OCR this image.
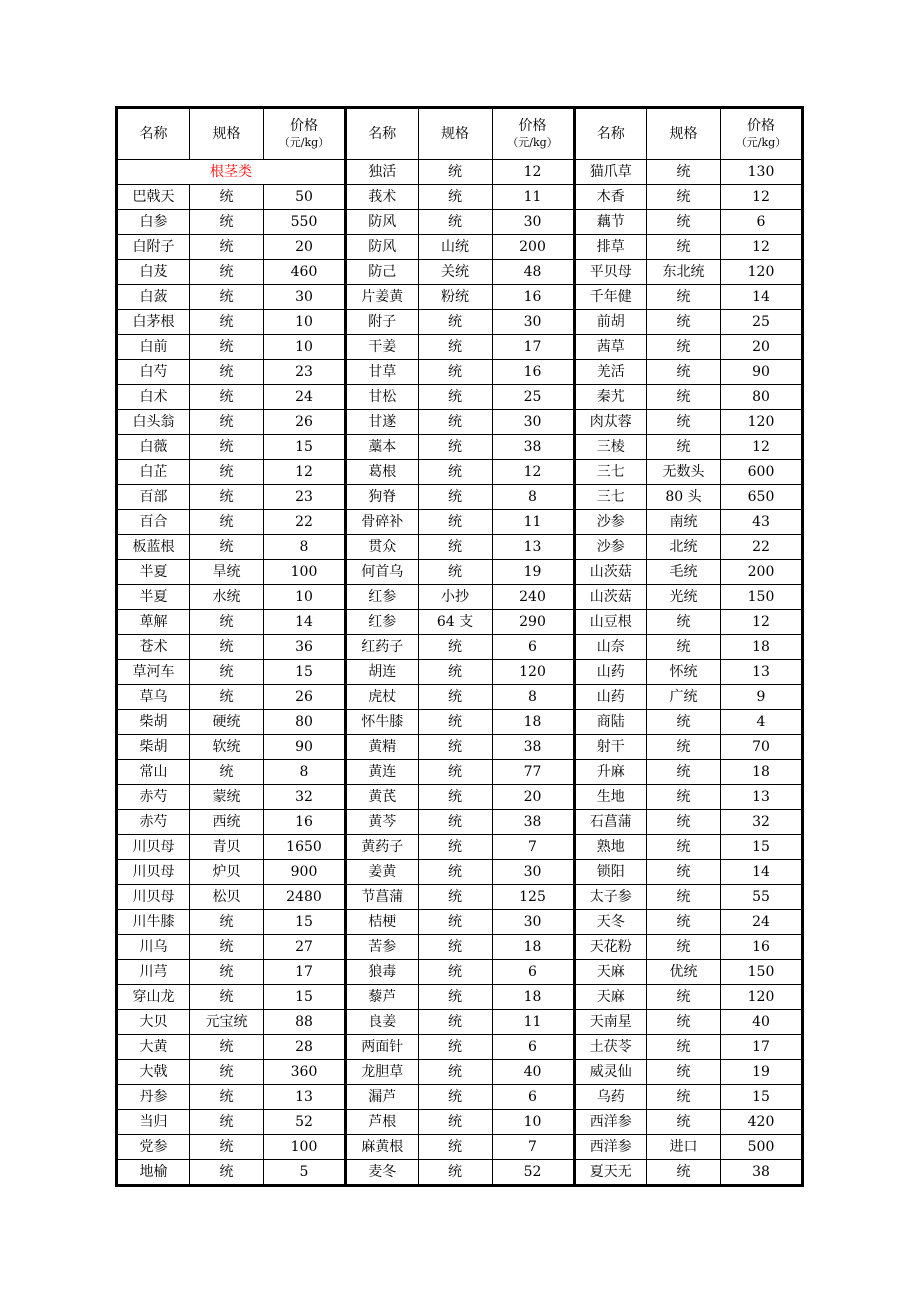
名称	规格	价格
（元/kg）

根茎类		
巴戟天	统	50
白参	统	550
白附子	统	20
白芨	统	460
白蔹	统	30
白茅根	统	10
白前	统	10
白芍	统	23
白术	统	24
白头翁	统	26
白薇	统	15
白芷	统	12
百部	统	23
百合	统	22
板蓝根	统	8
半夏	旱统	100
半夏	水统	10
萆解	统	14
苍术	统	36
草河车	统	15
草乌	统	26
柴胡	硬统	80
柴胡	软统	90
常山	统	8
赤芍	蒙统	32
赤芍	西统	16
川贝母	青贝	1650
川贝母	炉贝	900
川贝母	松贝	2480
川牛膝	统	15
川乌	统	27
川芎	统	17
穿山龙	统	15
大贝	元宝统	88
大黄	统	28
大戟	统	360
丹参	统	13
当归	统	52
党参	统	100
地榆	统	5
名称	规格	价格
（元/kg）

独活	统	12
莪术	统	11
防风	统	30
防风	山统	200
防己	关统	48
片姜黄	粉统	16
附子	统	30
干姜	统	17
甘草	统	16
甘松	统	25
甘遂	统	30
藁本	统	38
葛根	统	12
狗脊	统	8
骨碎补	统	11
贯众	统	13
何首乌	统	19
红参	小抄	240
红参	64 支	290
红药子	统	6
胡连	统	120
虎杖	统	8
怀牛膝	统	18
黄精	统	38
黄连	统	77
黄芪	统	20
黄芩	统	38
黄药子	统	7
姜黄	统	30
节菖蒲	统	125
桔梗	统	30
苦参	统	18
狼毒	统	6
藜芦	统	18
良姜	统	11
两面针	统	6
龙胆草	统	40
漏芦	统	6
芦根	统	10
麻黄根	统	7
麦冬	统	52
名称	规格	价格
（元/kg）

猫爪草	统	130
木香	统	12
藕节	统	6
排草	统	12
平贝母	东北统	120
千年健	统	14
前胡	统	25
茜草	统	20
羌活	统	90
秦艽	统	80
肉苁蓉	统	120
三棱	统	12
三七	无数头	600
三七	80 头	650
沙参	南统	43
沙参	北统	22
山茨菇	毛统	200
山茨菇	光统	150
山豆根	统	12
山奈	统	18
山药	怀统	13
山药	广统	9
商陆	统	4
射干	统	70
升麻	统	18
生地	统	13
石菖蒲	统	32
熟地	统	15
锁阳	统	14
太子参	统	55
天冬	统	24
天花粉	统	16
天麻	优统	150
天麻	统	120
天南星	统	40
土茯苓	统	17
威灵仙	统	19
乌药	统	15
西洋参	统	420
西洋参	进口	500
夏天无	统	38
